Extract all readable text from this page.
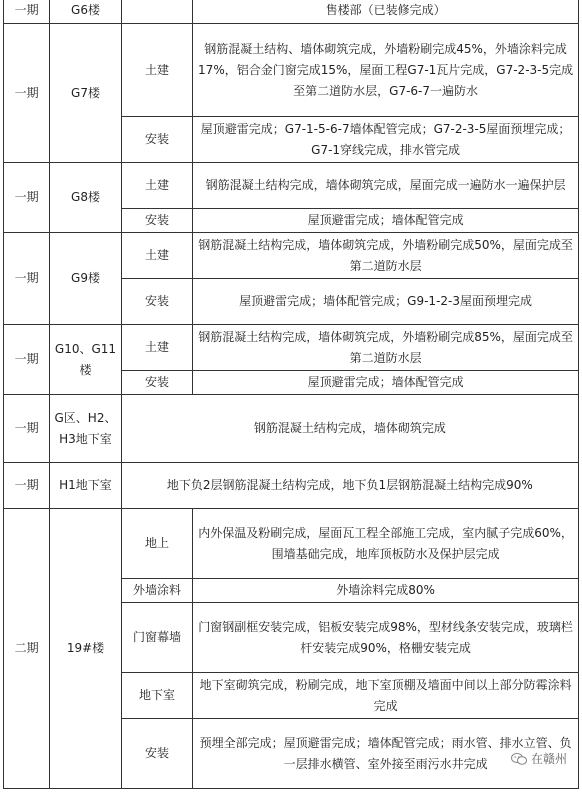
一期	G6楼		售楼部（已装修完成）
一期	G7楼	土建	钢筋混凝土结构、墙体砌筑完成，外墙粉刷完成45%，外墙涂料完成17%，铝合金门窗完成15%，屋面工程G7-1瓦片完成，G7-2-3-5完成至第二道防水层，G7-6-7一遍防水
		安装	屋顶避雷完成；G7-1-5-6-7墙体配管完成；G7-2-3-5屋面预埋完成；G7-1穿线完成，排水管完成
一期	G8楼	土建	钢筋混凝土结构完成，墙体砌筑完成，屋面完成一遍防水一遍保护层
		安装	屋顶避雷完成；墙体配管完成
一期	G9楼	土建	钢筋混凝土结构完成，墙体砌筑完成，外墙粉刷完成50%，屋面完成至第二道防水层
		安装	屋顶避雷完成；墙体配管完成；G9-1-2-3屋面预埋完成
一期	G10、G11楼	土建	钢筋混凝土结构完成，墙体砌筑完成，外墙粉刷完成85%，屋面完成至第二道防水层
		安装	屋顶避雷完成；墙体配管完成
一期	G区、H2、H3地下室	钢筋混凝土结构完成，墙体砌筑完成	
一期	H1地下室	地下负2层钢筋混凝土结构完成，地下负1层钢筋混凝土结构完成90%	
二期	19#楼	地上	内外保温及粉刷完成，屋面瓦工程全部施工完成，室内腻子完成60%，围墙基础完成，地库顶板防水及保护层完成
		外墙涂料	外墙涂料完成80%
		门窗幕墙	门窗钢副框安装完成，铝板安装完成98%，型材线条安装完成，玻璃栏杆安装完成90%，格栅安装完成
		地下室	地下室砌筑完成，粉刷完成，地下室顶棚及墙面中间以上部分防霉涂料完成
		安装	预埋全部完成；屋顶避雷完成；墙体配管完成；雨水管、排水立管、负一层排水横管、室外接至雨污水井完成	在赣州
